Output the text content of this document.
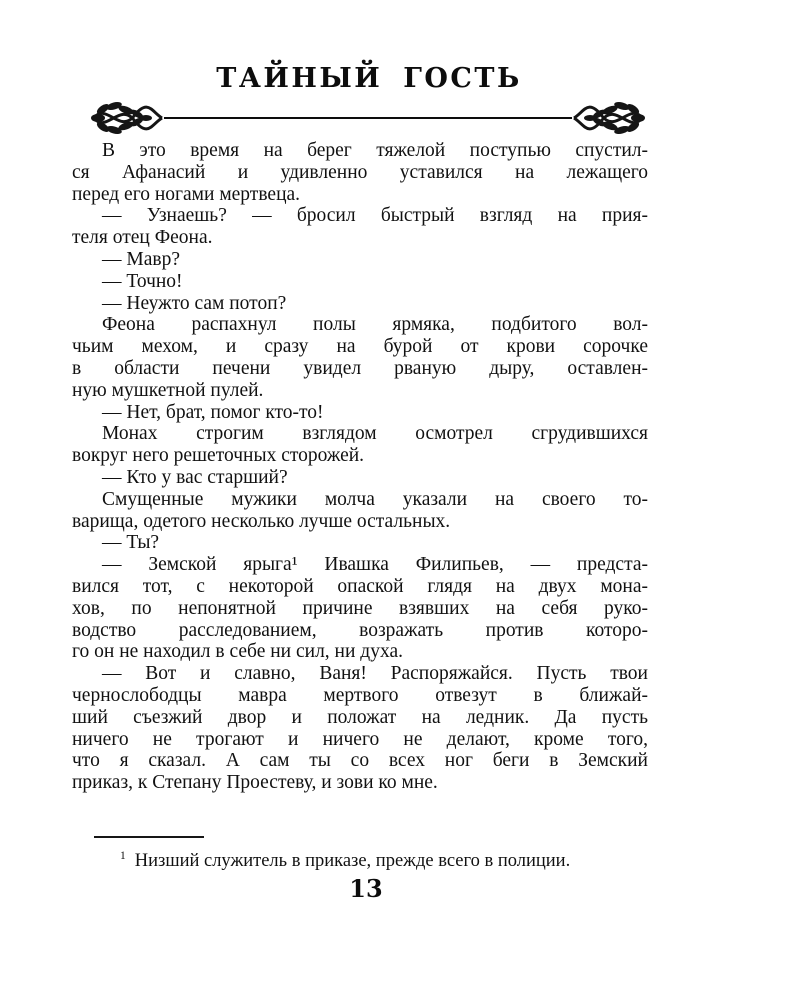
ТАЙНЫЙ ГОСТЬ
В это время на берег тяжелой поступью спустил-
ся Афанасий и удивленно уставился на лежащего
перед его ногами мертвеца.
— Узнаешь? — бросил быстрый взгляд на прия-
теля отец Феона.
— Мавр?
— Точно!
— Неужто сам потоп?
Феона распахнул полы ярмяка, подбитого вол-
чьим мехом, и сразу на бурой от крови сорочке
в области печени увидел рваную дыру, оставлен-
ную мушкетной пулей.
— Нет, брат, помог кто-то!
Монах строгим взглядом осмотрел сгрудившихся
вокруг него решеточных сторожей.
— Кто у вас старший?
Смущенные мужики молча указали на своего то-
варища, одетого несколько лучше остальных.
— Ты?
— Земской ярыга¹ Ивашка Филипьев, — предста-
вился тот, с некоторой опаской глядя на двух мона-
хов, по непонятной причине взявших на себя руко-
водство расследованием, возражать против которо-
го он не находил в себе ни сил, ни духа.
— Вот и славно, Ваня! Распоряжайся. Пусть твои
чернослободцы мавра мертвого отвезут в ближай-
ший съезжий двор и положат на ледник. Да пусть
ничего не трогают и ничего не делают, кроме того,
что я сказал. А сам ты со всех ног беги в Земский
приказ, к Степану Проестеву, и зови ко мне.
$^1$ Низший служитель в приказе, прежде всего в полиции.
13
